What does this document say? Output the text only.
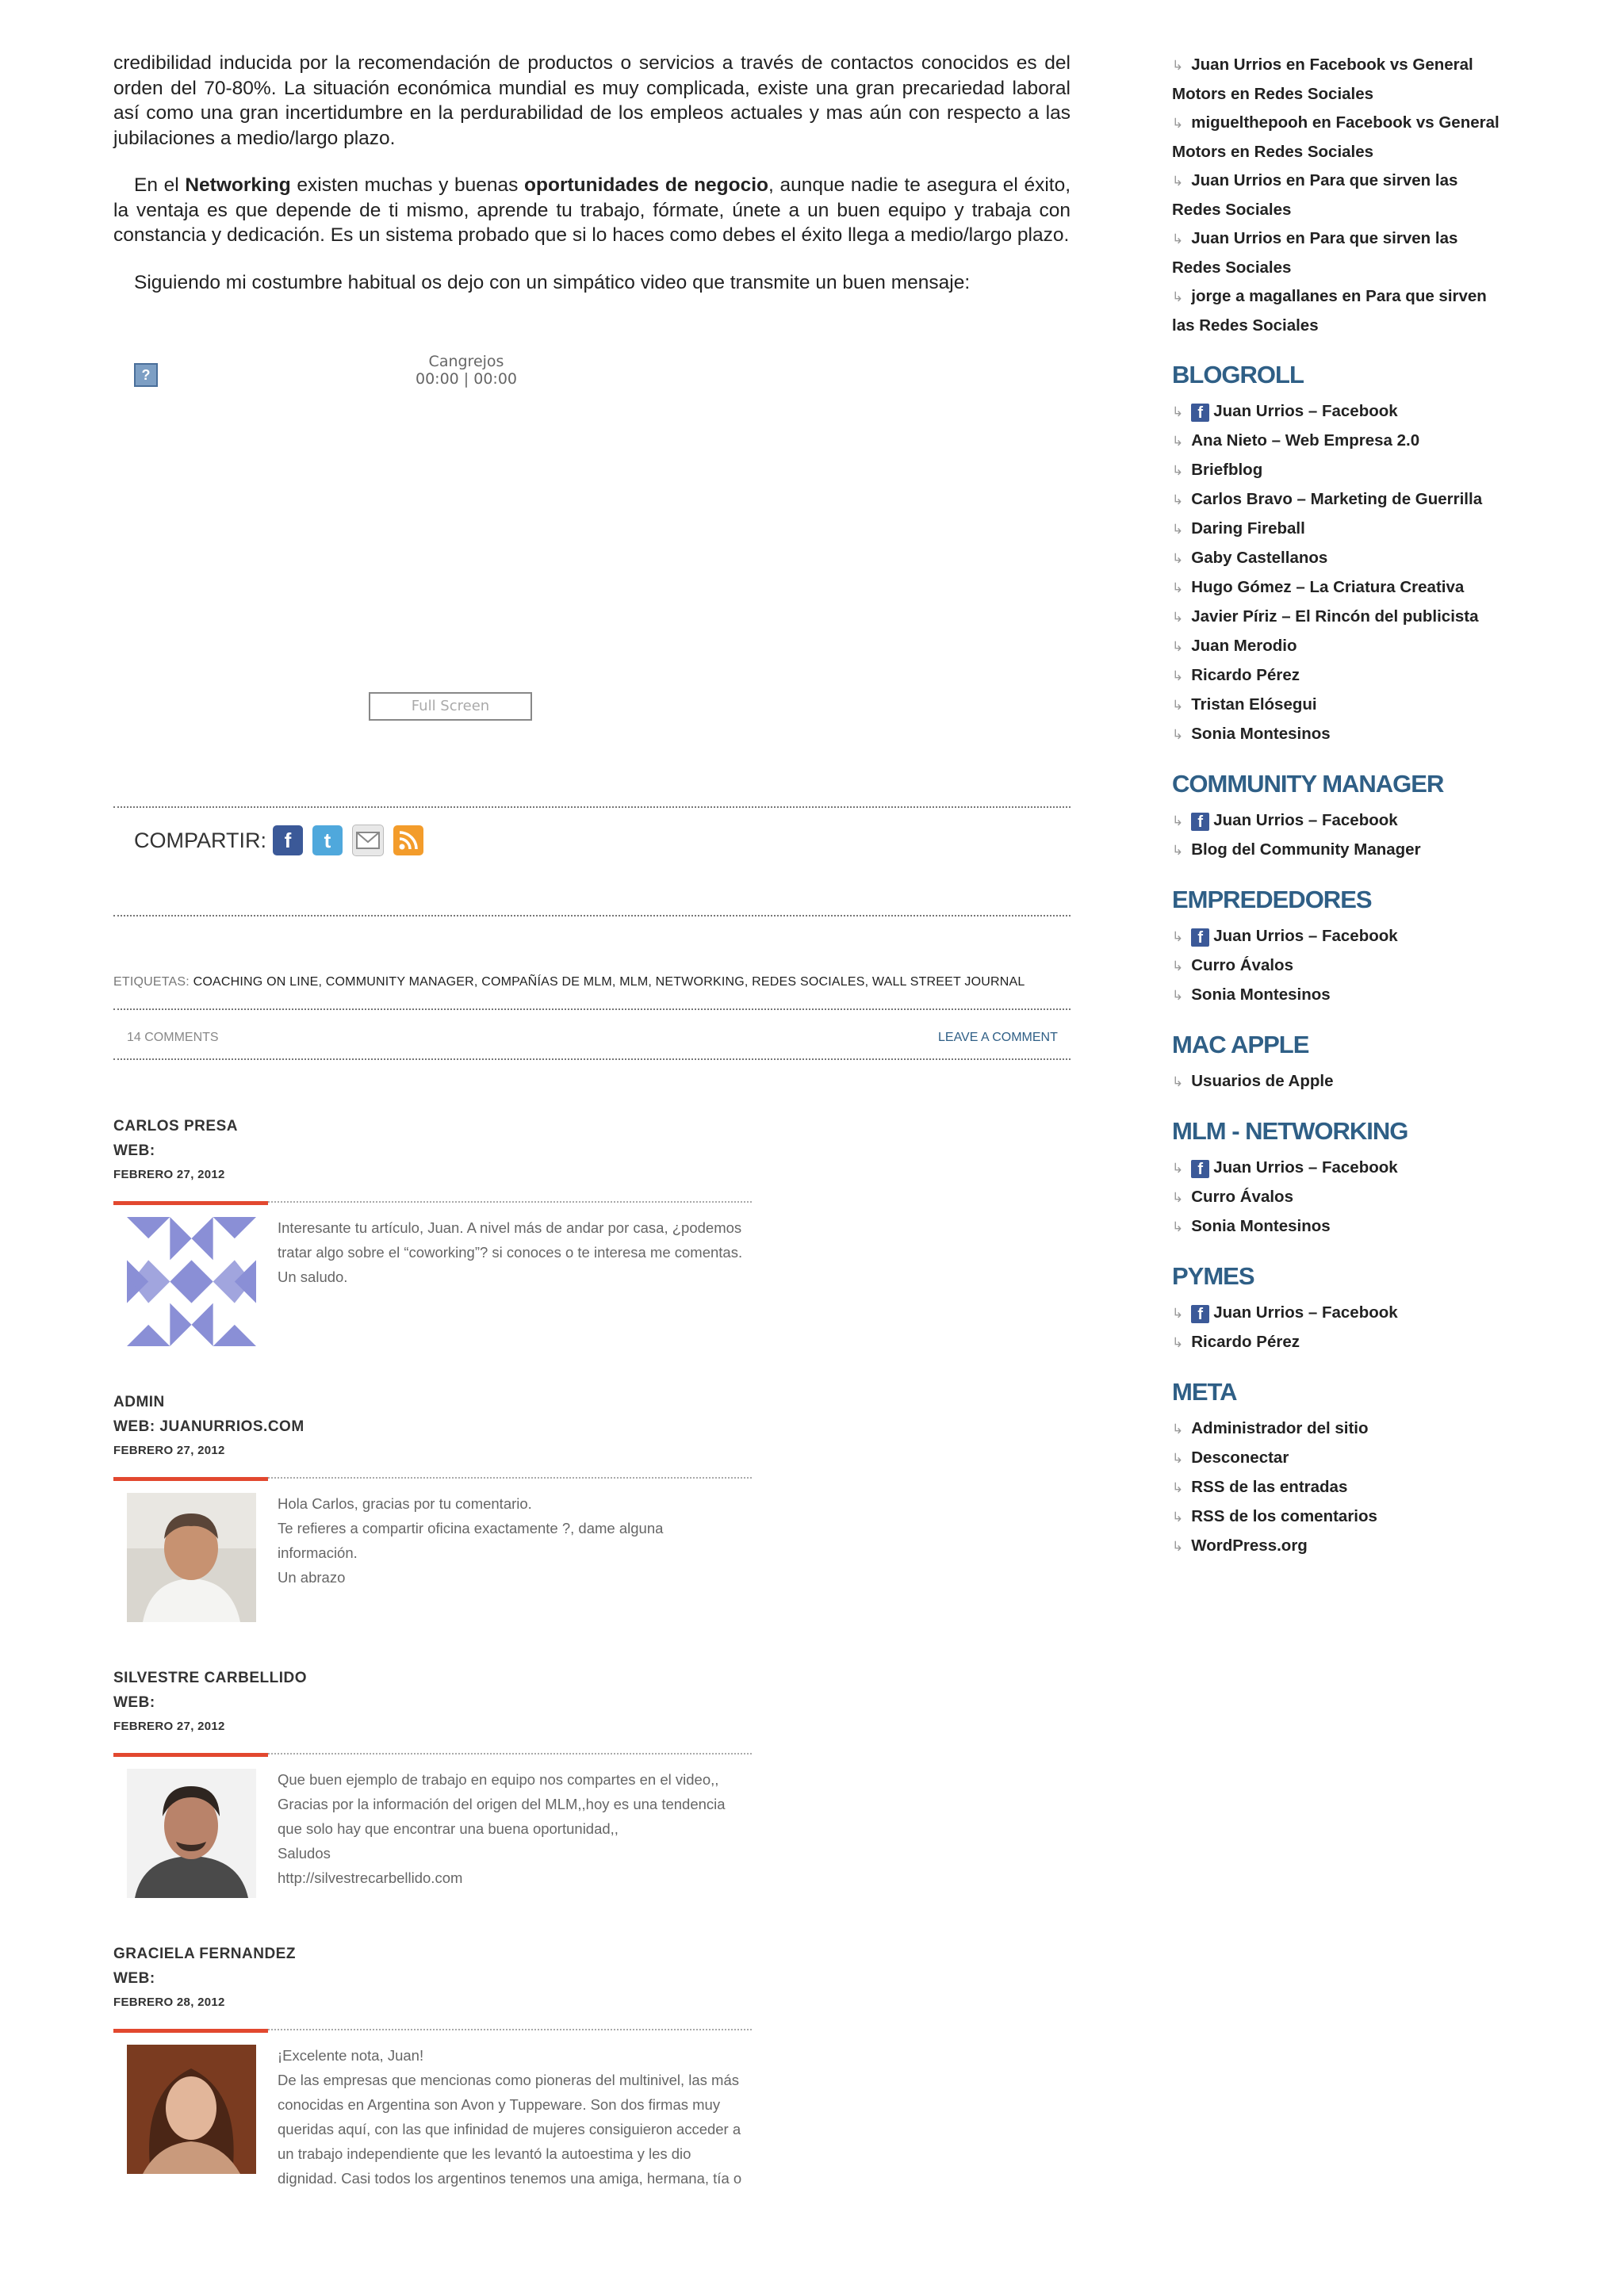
credibilidad inducida por la recomendación de productos o servicios a través de contactos conocidos es del orden del 70-80%. La situación económica mundial es muy complicada, existe una gran precariedad laboral así como una gran incertidumbre en la perdurabilidad de los empleos actuales y mas aún con respecto a las jubilaciones a medio/largo plazo.

En el Networking existen muchas y buenas oportunidades de negocio, aunque nadie te asegura el éxito, la ventaja es que depende de ti mismo, aprende tu trabajo, fórmate, únete a un buen equipo y trabaja con constancia y dedicación. Es un sistema probado que si lo haces como debes el éxito llega a medio/largo plazo.

Siguiendo mi costumbre habitual os dejo con un simpático video que transmite un buen mensaje:

?
Cangrejos
00:00 | 00:00
Full Screen
COMPARTIR: f t
ETIQUETAS: COACHING ON LINE, COMMUNITY MANAGER, COMPAÑÍAS DE MLM, MLM, NETWORKING, REDES SOCIALES, WALL STREET JOURNAL
14 COMMENTS	LEAVE A COMMENT
CARLOS PRESA
WEB:
FEBRERO 27, 2012
Interesante tu artículo, Juan. A nivel más de andar por casa, ¿podemos
tratar algo sobre el “coworking”? si conoces o te interesa me comentas.
Un saludo.
ADMIN
WEB: JUANURRIOS.COM
FEBRERO 27, 2012
Hola Carlos, gracias por tu comentario.
Te refieres a compartir oficina exactamente ?, dame alguna
información.
Un abrazo
SILVESTRE CARBELLIDO
WEB:
FEBRERO 27, 2012
Que buen ejemplo de trabajo en equipo nos compartes en el video,,
Gracias por la información del origen del MLM,,hoy es una tendencia
que solo hay que encontrar una buena oportunidad,,
Saludos
http://silvestrecarbellido.com
GRACIELA FERNANDEZ
WEB:
FEBRERO 28, 2012
¡Excelente nota, Juan!
De las empresas que mencionas como pioneras del multinivel, las más
conocidas en Argentina son Avon y Tuppeware. Son dos firmas muy
queridas aquí, con las que infinidad de mujeres consiguieron acceder a
un trabajo independiente que les levantó la autoestima y les dio
dignidad. Casi todos los argentinos tenemos una amiga, hermana, tía o
↳ Juan Urrios en Facebook vs General
Motors en Redes Sociales
↳ miguelthepooh en Facebook vs General
Motors en Redes Sociales
↳ Juan Urrios en Para que sirven las
Redes Sociales
↳ Juan Urrios en Para que sirven las
Redes Sociales
↳ jorge a magallanes en Para que sirven
las Redes Sociales
BLOGROLL
↳ f Juan Urrios – Facebook
↳ Ana Nieto – Web Empresa 2.0
↳ Briefblog
↳ Carlos Bravo – Marketing de Guerrilla
↳ Daring Fireball
↳ Gaby Castellanos
↳ Hugo Gómez – La Criatura Creativa
↳ Javier Píriz – El Rincón del publicista
↳ Juan Merodio
↳ Ricardo Pérez
↳ Tristan Elósegui
↳ Sonia Montesinos
COMMUNITY MANAGER
↳ f Juan Urrios – Facebook
↳ Blog del Community Manager
EMPREDEDORES
↳ f Juan Urrios – Facebook
↳ Curro Ávalos
↳ Sonia Montesinos
MAC APPLE
↳ Usuarios de Apple
MLM - NETWORKING
↳ f Juan Urrios – Facebook
↳ Curro Ávalos
↳ Sonia Montesinos
PYMES
↳ f Juan Urrios – Facebook
↳ Ricardo Pérez
META
↳ Administrador del sitio
↳ Desconectar
↳ RSS de las entradas
↳ RSS de los comentarios
↳ WordPress.org
